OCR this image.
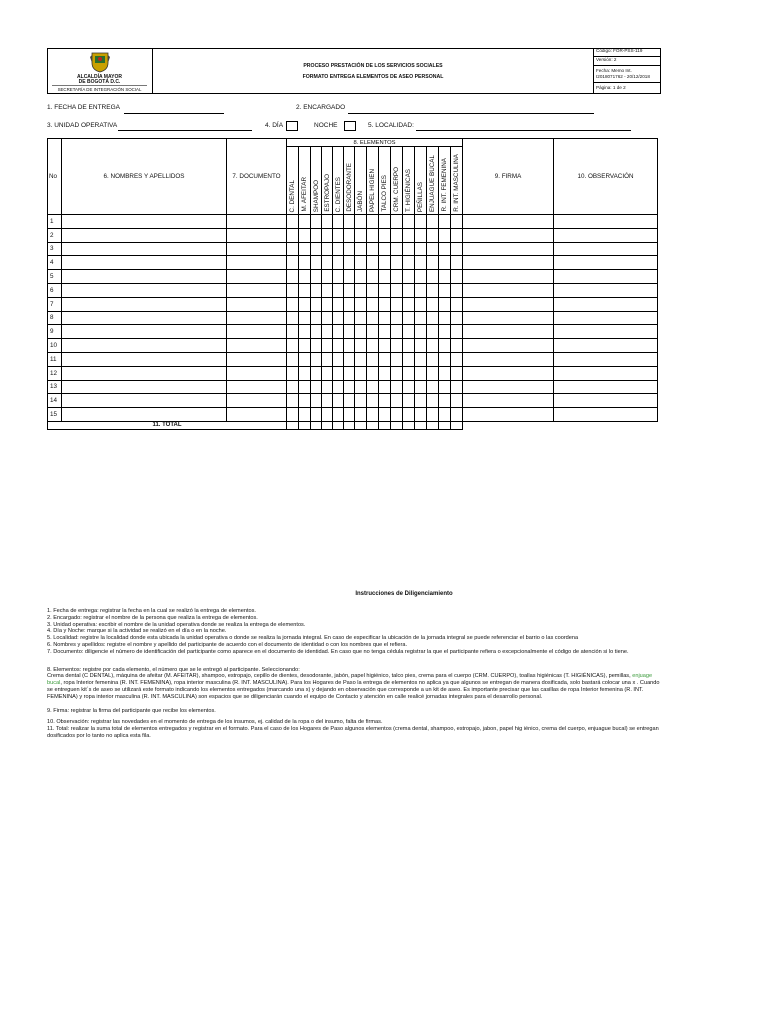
ALCALDÍA MAYOR
DE BOGOTÁ D.C.
SECRETARÍA DE INTEGRACIÓN SOCIAL
PROCESO PRESTACIÓN DE LOS SERVICIOS SOCIALES
FORMATO ENTREGA ELEMENTOS DE ASEO PERSONAL
Código: FOR-PSS-119
Versión: 2
Fecha: Memo Int.
I2018071762 - 20/12/2018
Página: 1 de 2
1. FECHA DE ENTREGA	2. ENCARGADO
3. UNIDAD OPERATIVA	4. DÍA	NOCHE	5. LOCALIDAD:
No	6. NOMBRES Y APELLIDOS	7. DOCUMENTO	8. ELEMENTOS															9. FIRMA	10. OBSERVACIÓN
			C. DENTAL	M. AFEITAR	SHAMPOO	ESTROPAJO	C. DIENTES	DESODORANTE	JABÓN	PAPEL HIGIEN	TALCO PIES	CRM. CUERPO	T. HIGIÉNICAS	PEÑILLAS	ENJUAGUE BUCAL	R. INT. FEMENINA	R. INT. MASCULINA		
1																			
2																			
3																			
4																			
5																			
6																			
7																			
8																			
9																			
10																			
11																			
12																			
13																			
14																			
15																			
11. TOTAL																			
Instrucciones de Diligenciamiento

1. Fecha de entrega: registrar la fecha en la cual se realizó la entrega de elementos.

2. Encargado: registrar el nombre de la persona que realiza la entrega de elementos.

3. Unidad operativa: escribir el nombre de la unidad operativa donde se realiza la entrega de elementos.

4. Día y Noche: marque si la actividad se realizó en el día o en la noche.

5. Localidad: registre la localidad donde esta ubicada la unidad operativa o donde se realiza la jornada integral. En caso de especificar la ubicación de la jornada integral se puede referenciar el barrio o las coordena

6. Nombres y apellidos: registre el nombre y apellido del participante de acuerdo con el documento de identidad o con los nombres que el refiera.

7. Documento: diligencie el número de identificación del participante como aparece en el documento de identidad. En caso que no tenga cédula registrar la que el participante refiera o excepcionalmente el código de atención si lo tiene.

8. Elementos: registre por cada elemento, el número que se le entregó al participante. Seleccionando:

Crema dental (C DENTAL), máquina de afeitar (M. AFEITAR), shampoo, estropajo, cepillo de dientes, desodorante, jabón, papel higiénico, talco pies, crema para el cuerpo (CRM. CUERPO), toallas higiénicas (T. HIGIÉNICAS), pemillas, enjuage bucal, ropa Interior femenina (R. INT. FEMENINA), ropa interior masculina (R. INT. MASCULINA). Para los Hogares de Paso la entrega de elementos no aplica ya que algunos se entregan de manera dosificada, solo bastará colocar una x . Cuando se entreguen kit´s de aseo se utilizará este formato indicando los elementos entregados (marcando una x) y dejando en observación que corresponde a un kit de aseo. Es importante precisar que las casillas de ropa Interior femenina (R. INT. FEMENINA) y ropa interior masculina (R. INT. MASCULINA) son espacios que se diligenciarán cuando el equipo de Contacto y atención en calle realicé jornadas integrales para el desarrollo personal.

9. Firma: registrar la firma del participante que recibe los elementos.

10. Observación: registrar las novedades en el momento de entrega de los insumos, ej. calidad de la ropa o del insumo, falta de firmas.

11. Total: realizar la suma total de elementos entregados y registrar en el formato. Para el caso de los Hogares de Paso algunos elementos (crema dental, shampoo, estropajo, jabon, papel hig iénico, crema del cuerpo, enjuague bucal) se entregan dosificados por lo tanto no aplica esta fila.
